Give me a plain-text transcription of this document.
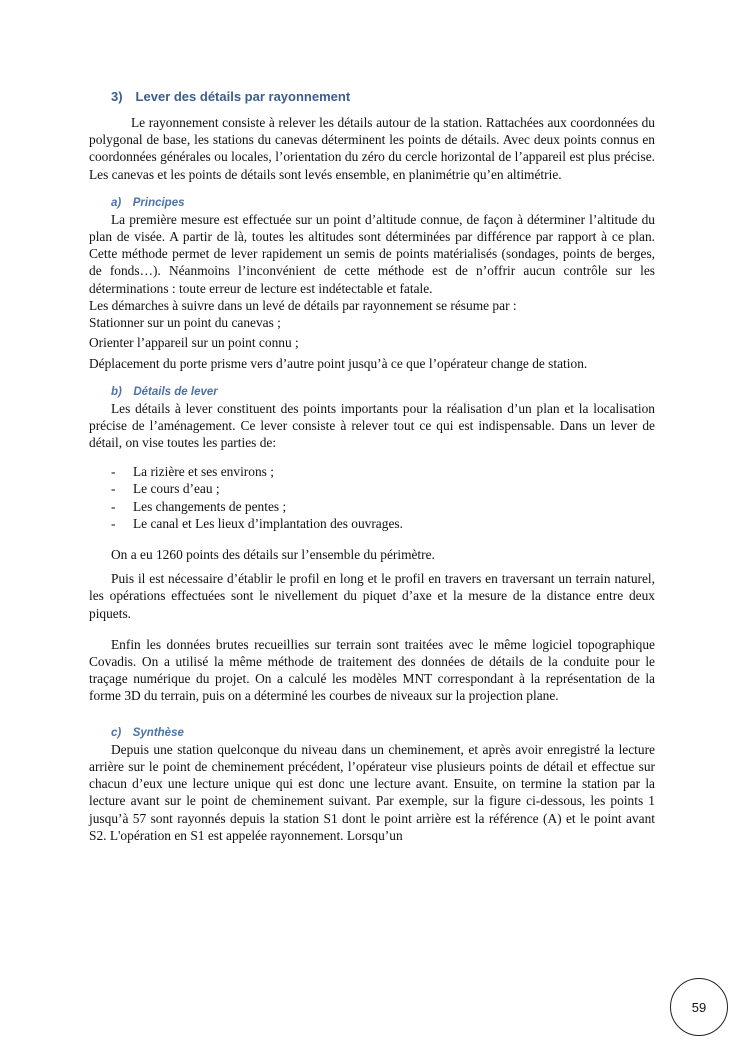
3) Lever des détails par rayonnement

Le rayonnement consiste à relever les détails autour de la station. Rattachées aux coordonnées du polygonal de base, les stations du canevas déterminent les points de détails. Avec deux points connus en coordonnées générales ou locales, l’orientation du zéro du cercle horizontal de l’appareil est plus précise. Les canevas et les points de détails sont levés ensemble, en planimétrie qu’en altimétrie.

a) Principes

La première mesure est effectuée sur un point d’altitude connue, de façon à déterminer l’altitude du plan de visée. A partir de là, toutes les altitudes sont déterminées par différence par rapport à ce plan. Cette méthode permet de lever rapidement un semis de points matérialisés (sondages, points de berges, de fonds…). Néanmoins l’inconvénient de cette méthode est de n’offrir aucun contrôle sur les déterminations : toute erreur de lecture est indétectable et fatale.

Les démarches à suivre dans un levé de détails par rayonnement se résume par :

Stationner sur un point du canevas ;

Orienter l’appareil sur un point connu ;

Déplacement du porte prisme vers d’autre point jusqu’à ce que l’opérateur change de station.

b) Détails de lever

Les détails à lever constituent des points importants pour la réalisation d’un plan et la localisation précise de l’aménagement. Ce lever consiste à relever tout ce qui est indispensable. Dans un lever de détail, on vise toutes les parties de:

- La rizière et ses environs ;
- Le cours d’eau ;
- Les changements de pentes ;
- Le canal et Les lieux d’implantation des ouvrages.

On a eu 1260 points des détails sur l’ensemble du périmètre.

Puis il est nécessaire d’établir le profil en long et le profil en travers en traversant un terrain naturel, les opérations effectuées sont le nivellement du piquet d’axe et la mesure de la distance entre deux piquets.

Enfin les données brutes recueillies sur terrain sont traitées avec le même logiciel topographique Covadis. On a utilisé la même méthode de traitement des données de détails de la conduite pour le traçage numérique du projet. On a calculé les modèles MNT correspondant à la représentation de la forme 3D du terrain, puis on a déterminé les courbes de niveaux sur la projection plane.

c) Synthèse

Depuis une station quelconque du niveau dans un cheminement, et après avoir enregistré la lecture arrière sur le point de cheminement précédent, l’opérateur vise plusieurs points de détail et effectue sur chacun d’eux une lecture unique qui est donc une lecture avant. Ensuite, on termine la station par la lecture avant sur le point de cheminement suivant. Par exemple, sur la figure ci-dessous, les points 1 jusqu’à 57 sont rayonnés depuis la station S1 dont le point arrière est la référence (A) et le point avant S2. L'opération en S1 est appelée rayonnement. Lorsqu’un

59
